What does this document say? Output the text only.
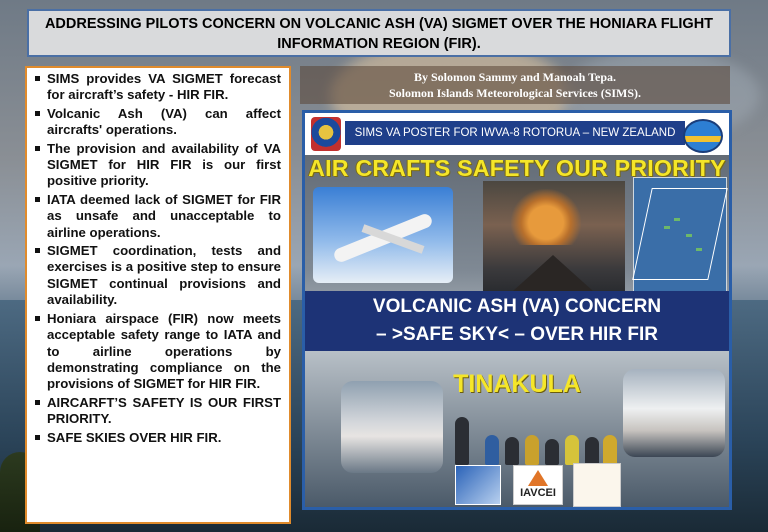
ADDRESSING PILOTS CONCERN ON VOLCANIC ASH (VA) SIGMET OVER THE HONIARA FLIGHT INFORMATION REGION (FIR).
SIMS provides VA SIGMET forecast for aircraft’s safety - HIR FIR.
Volcanic Ash (VA) can affect aircrafts' operations.
The provision and availability of VA SIGMET for HIR FIR is our first positive priority.
IATA deemed lack of SIGMET for FIR as unsafe and unacceptable to airline operations.
SIGMET coordination, tests and exercises is a positive step to ensure SIGMET continual provisions and availability.
Honiara airspace (FIR) now meets acceptable safety range to IATA and to airline operations by demonstrating compliance on the provisions of SIGMET for HIR FIR.
AIRCARFT’S SAFETY IS OUR FIRST PRIORITY.
SAFE SKIES OVER HIR FIR.
By Solomon Sammy and Manoah Tepa.
Solomon Islands Meteorological Services (SIMS).
SIMS VA POSTER FOR IWVA-8 ROTORUA – NEW ZEALAND
AIR CRAFTS SAFETY OUR PRIORITY
VOLCANIC ASH (VA) CONCERN
– >SAFE SKY< – OVER HIR FIR
TINAKULA
IAVCEI
